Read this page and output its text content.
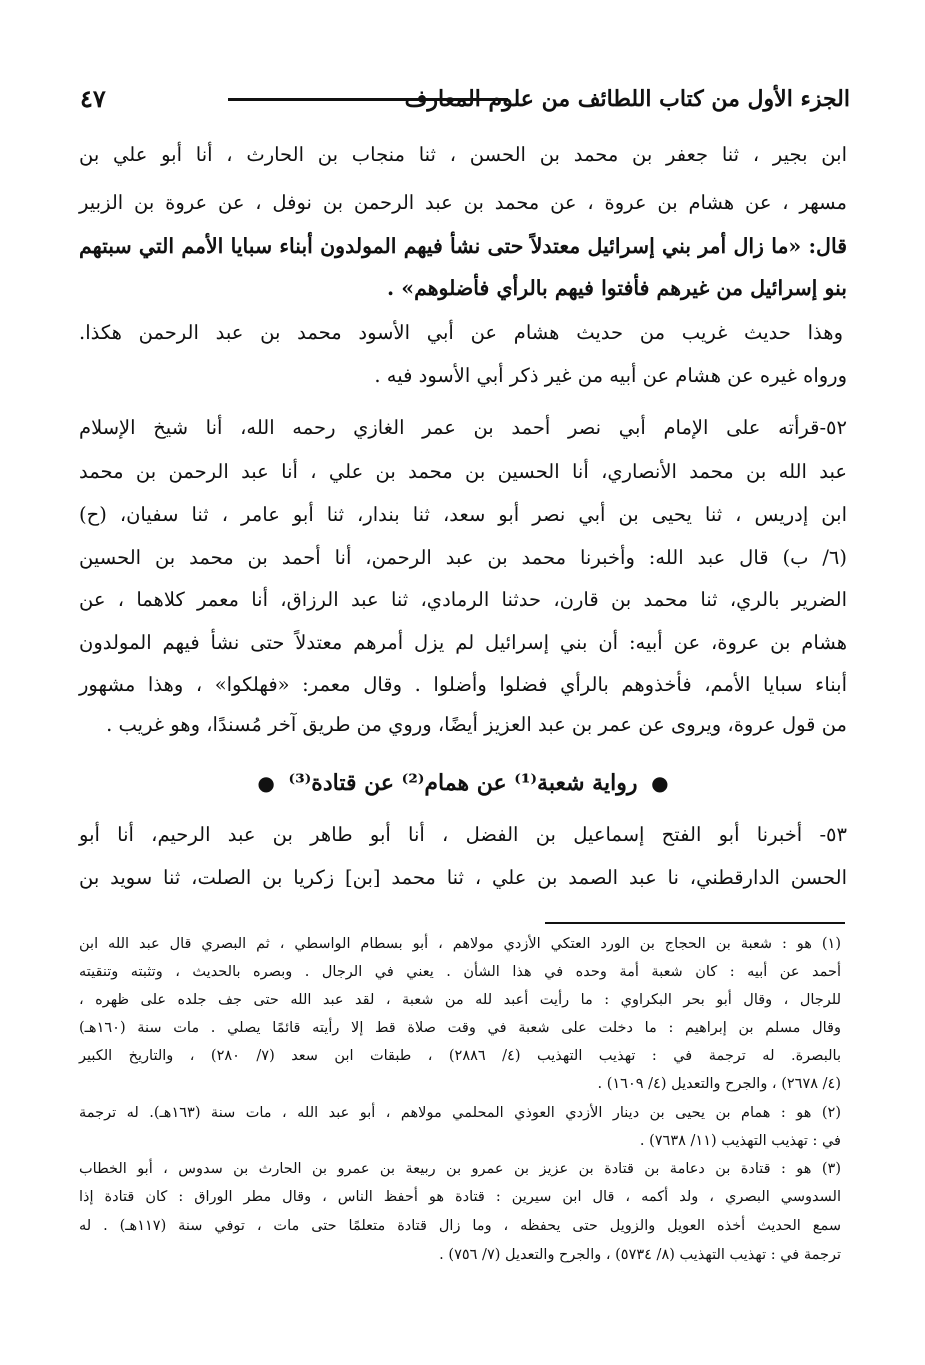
الجزء الأول من كتاب اللطائف من علوم المعارف
٤٧
ابن بجير ، ثنا جعفر بن محمد بن الحسن ، ثنا منجاب بن الحارث ، أنا أبو علي بن
مسهر ، عن هشام بن عروة ، عن محمد بن عبد الرحمن بن نوفل ، عن عروة بن الزبير
قال: «ما زال أمر بني إسرائيل معتدلاً حتى نشأ فيهم المولدون أبناء سبايا الأمم التي سبتهم
بنو إسرائيل من غيرهم فأفتوا فيهم بالرأي فأضلوهم» .
وهذا حديث غريب من حديث هشام عن أبي الأسود محمد بن عبد الرحمن هكذا.
ورواه غيره عن هشام عن أبيه من غير ذكر أبي الأسود فيه .
٥٢-قرأته على الإمام أبي نصر أحمد بن عمر الغازي رحمه الله، أنا شيخ الإسلام
عبد الله بن محمد الأنصاري، أنا الحسين بن محمد بن علي ، أنا عبد الرحمن بن محمد
ابن إدريس ، ثنا يحيى بن أبي نصر أبو سعد، ثنا بندار، ثنا أبو عامر ، ثنا سفيان، (ح)
(٦/ ب) قال عبد الله: وأخبرنا محمد بن عبد الرحمن، أنا أحمد بن محمد بن الحسين
الضرير بالري، ثنا محمد بن قارن، حدثنا الرمادي، ثنا عبد الرزاق، أنا معمر كلاهما ، عن
هشام بن عروة، عن أبيه: أن بني إسرائيل لم يزل أمرهم معتدلاً حتى نشأ فيهم المولدون
أبناء سبايا الأمم، فأخذوهم بالرأي فضلوا وأضلوا . وقال معمر: «فهلكوا» ، وهذا مشهور
من قول عروة، ويروى عن عمر بن عبد العزيز أيضًا، وروي من طريق آخر مُسندًا، وهو غريب .
● رواية شعبة⁽¹⁾ عن همام⁽²⁾ عن قتادة⁽³⁾ ●
٥٣- أخبرنا أبو الفتح إسماعيل بن الفضل ، أنا أبو طاهر بن عبد الرحيم، أنا أبو
الحسن الدارقطني، نا عبد الصمد بن علي ، ثنا محمد [بن] زكريا بن الصلت، ثنا سويد بن
(١) هو : شعبة بن الحجاج بن الورد العتكي الأزدي مولاهم ، أبو بسطام الواسطي ، ثم البصري قال عبد الله ابن
أحمد عن أبيه : كان شعبة أمة وحده في هذا الشأن . يعني في الرجال . وبصره بالحديث ، وتثبته وتنقيته
للرجال ، وقال أبو بحر البكراوي : ما رأيت أعبد لله من شعبة ، لقد عبد الله حتى جف جلده على ظهره ،
وقال مسلم بن إبراهيم : ما دخلت على شعبة في وقت صلاة قط إلا رأيته قائمًا يصلي . مات سنة (١٦٠هـ)
بالبصرة. له ترجمة في : تهذيب التهذيب (٤/ ٢٨٨٦) ، طبقات ابن سعد (٧/ ٢٨٠) ، والتاريخ الكبير
(٤/ ٢٦٧٨) ، والجرح والتعديل (٤/ ١٦٠٩) .
(٢) هو : همام بن يحيى بن دينار الأزدي العوذي المحلمي مولاهم ، أبو عبد الله ، مات سنة (١٦٣هـ). له ترجمة
في : تهذيب التهذيب (١١/ ٧٦٣٨) .
(٣) هو : قتادة بن دعامة بن قتادة بن عزيز بن عمرو بن ربيعة بن عمرو بن الحارث بن سدوس ، أبو الخطاب
السدوسي البصري ، ولد أكمه ، قال ابن سيرين : قتادة هو أحفظ الناس ، وقال مطر الوراق : كان قتادة إذا
سمع الحديث أخذه العويل والزويل حتى يحفظه ، وما زال قتادة متعلمًا حتى مات ، توفي سنة (١١٧هـ) . له
ترجمة في : تهذيب التهذيب (٨/ ٥٧٣٤) ، والجرح والتعديل (٧/ ٧٥٦) .
